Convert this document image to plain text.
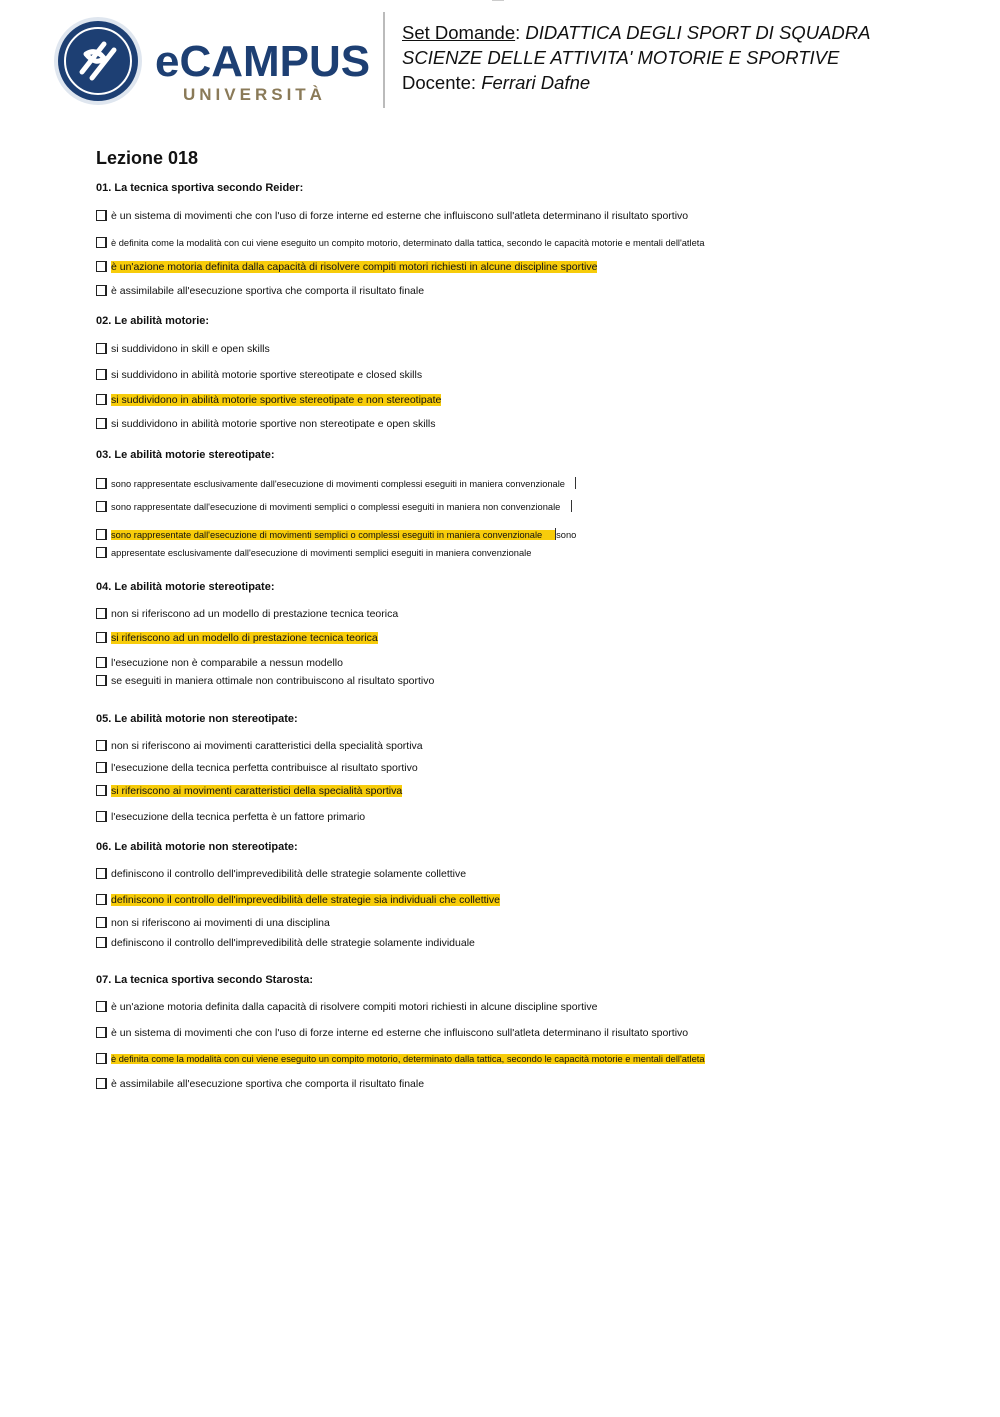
eCAMPUS
UNIVERSITÀ
Set Domande: DIDATTICA DEGLI SPORT DI SQUADRA SCIENZE DELLE ATTIVITA' MOTORIE E SPORTIVE Docente: Ferrari Dafne
Lezione 018
01. La tecnica sportiva secondo Reider:
è un sistema di movimenti che con l'uso di forze interne ed esterne che influiscono sull'atleta determinano il risultato sportivo
è definita come la modalità con cui viene eseguito un compito motorio, determinato dalla tattica, secondo le capacità motorie e mentali dell'atleta
è un'azione motoria definita dalla capacità di risolvere compiti motori richiesti in alcune discipline sportive
è assimilabile all'esecuzione sportiva che comporta il risultato finale
02. Le abilità motorie:
si suddividono in skill e open skills
si suddividono in abilità motorie sportive stereotipate e closed skills
si suddividono in abilità motorie sportive stereotipate e non stereotipate
si suddividono in abilità motorie sportive non stereotipate e open skills
03. Le abilità motorie stereotipate:
sono rappresentate esclusivamente dall'esecuzione di movimenti complessi eseguiti in maniera convenzionale
sono rappresentate dall'esecuzione di movimenti semplici o complessi eseguiti in maniera non convenzionale
sono rappresentate dall'esecuzione di movimenti semplici o complessi eseguiti in maniera convenzionale sono
appresentate esclusivamente dall'esecuzione di movimenti semplici eseguiti in maniera convenzionale
04. Le abilità motorie stereotipate:
non si riferiscono ad un modello di prestazione tecnica teorica
si riferiscono ad un modello di prestazione tecnica teorica
l'esecuzione non è comparabile a nessun modello
se eseguiti in maniera ottimale non contribuiscono al risultato sportivo
05. Le abilità motorie non stereotipate:
non si riferiscono ai movimenti caratteristici della specialità sportiva
l'esecuzione della tecnica perfetta contribuisce al risultato sportivo
si riferiscono ai movimenti caratteristici della specialità sportiva
l'esecuzione della tecnica perfetta è un fattore primario
06. Le abilità motorie non stereotipate:
definiscono il controllo dell'imprevedibilità delle strategie solamente collettive
definiscono il controllo dell'imprevedibilità delle strategie sia individuali che collettive
non si riferiscono ai movimenti di una disciplina
definiscono il controllo dell'imprevedibilità delle strategie solamente individuale
07. La tecnica sportiva secondo Starosta:
è un'azione motoria definita dalla capacità di risolvere compiti motori richiesti in alcune discipline sportive
è un sistema di movimenti che con l'uso di forze interne ed esterne che influiscono sull'atleta determinano il risultato sportivo
è definita come la modalità con cui viene eseguito un compito motorio, determinato dalla tattica, secondo le capacità motorie e mentali dell'atleta
è assimilabile all'esecuzione sportiva che comporta il risultato finale
